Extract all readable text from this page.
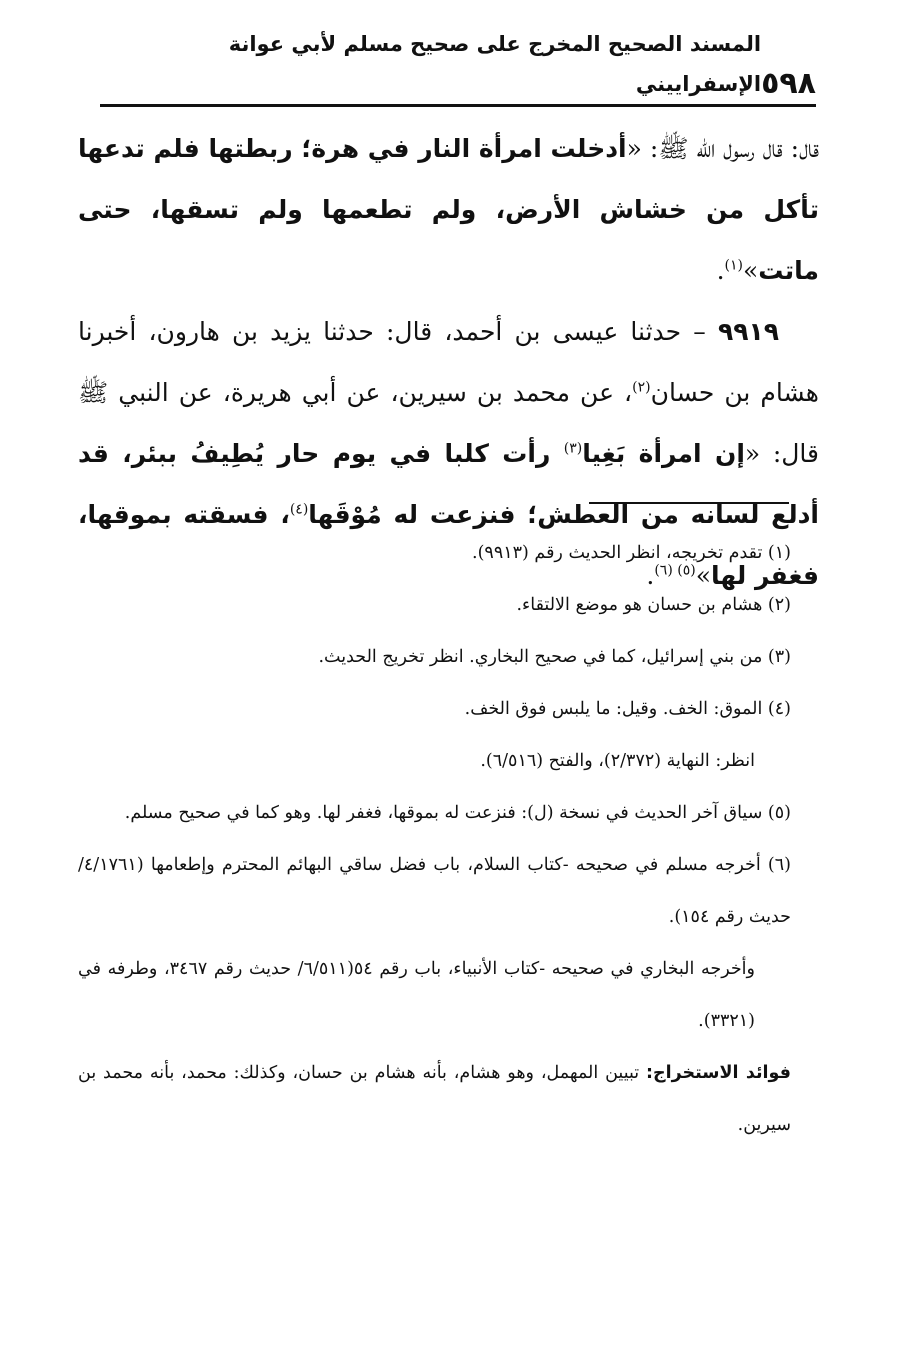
٥٩٨
المسند الصحيح المخرج على صحيح مسلم لأبي عوانة الإسفراييني

قال: قال رسول الله ﷺ: «أدخلت امرأة النار في هرة؛ ربطتها فلم تدعها تأكل من خشاش الأرض، ولم تطعمها ولم تسقها، حتى ماتت»$^{(١)}$.

٩٩١٩ – حدثنا عيسى بن أحمد، قال: حدثنا يزيد بن هارون، أخبرنا هشام بن حسان$^{(٢)}$، عن محمد بن سيرين، عن أبي هريرة، عن النبي ﷺ قال: «إن امرأة بَغِيا$^{(٣)}$ رأت كلبا في يوم حار يُطِيفُ ببئر، قد أدلع لسانه من العطش؛ فنزعت له مُوْقَها$^{(٤)}$، فسقته بموقها، فغفر لها»$^{(٥) (٦)}$.

(١) تقدم تخريجه، انظر الحديث رقم (٩٩١٣).

(٢) هشام بن حسان هو موضع الالتقاء.

(٣) من بني إسرائيل، كما في صحيح البخاري. انظر تخريج الحديث.

(٤) الموق: الخف. وقيل: ما يلبس فوق الخف.

انظر: النهاية (٢/٣٧٢)، والفتح (٦/٥١٦).

(٥) سياق آخر الحديث في نسخة (ل): فنزعت له بموقها، فغفر لها. وهو كما في صحيح مسلم.

(٦) أخرجه مسلم في صحيحه -كتاب السلام، باب فضل ساقي البهائم المحترم وإطعامها (٤/١٧٦١/ حديث رقم ١٥٤).

وأخرجه البخاري في صحيحه -كتاب الأنبياء، باب رقم ٥٤(٦/٥١١/ حديث رقم ٣٤٦٧، وطرفه في (٣٣٢١).

فوائد الاستخراج: تبيين المهمل، وهو هشام، بأنه هشام بن حسان، وكذلك: محمد، بأنه محمد بن سيرين.
